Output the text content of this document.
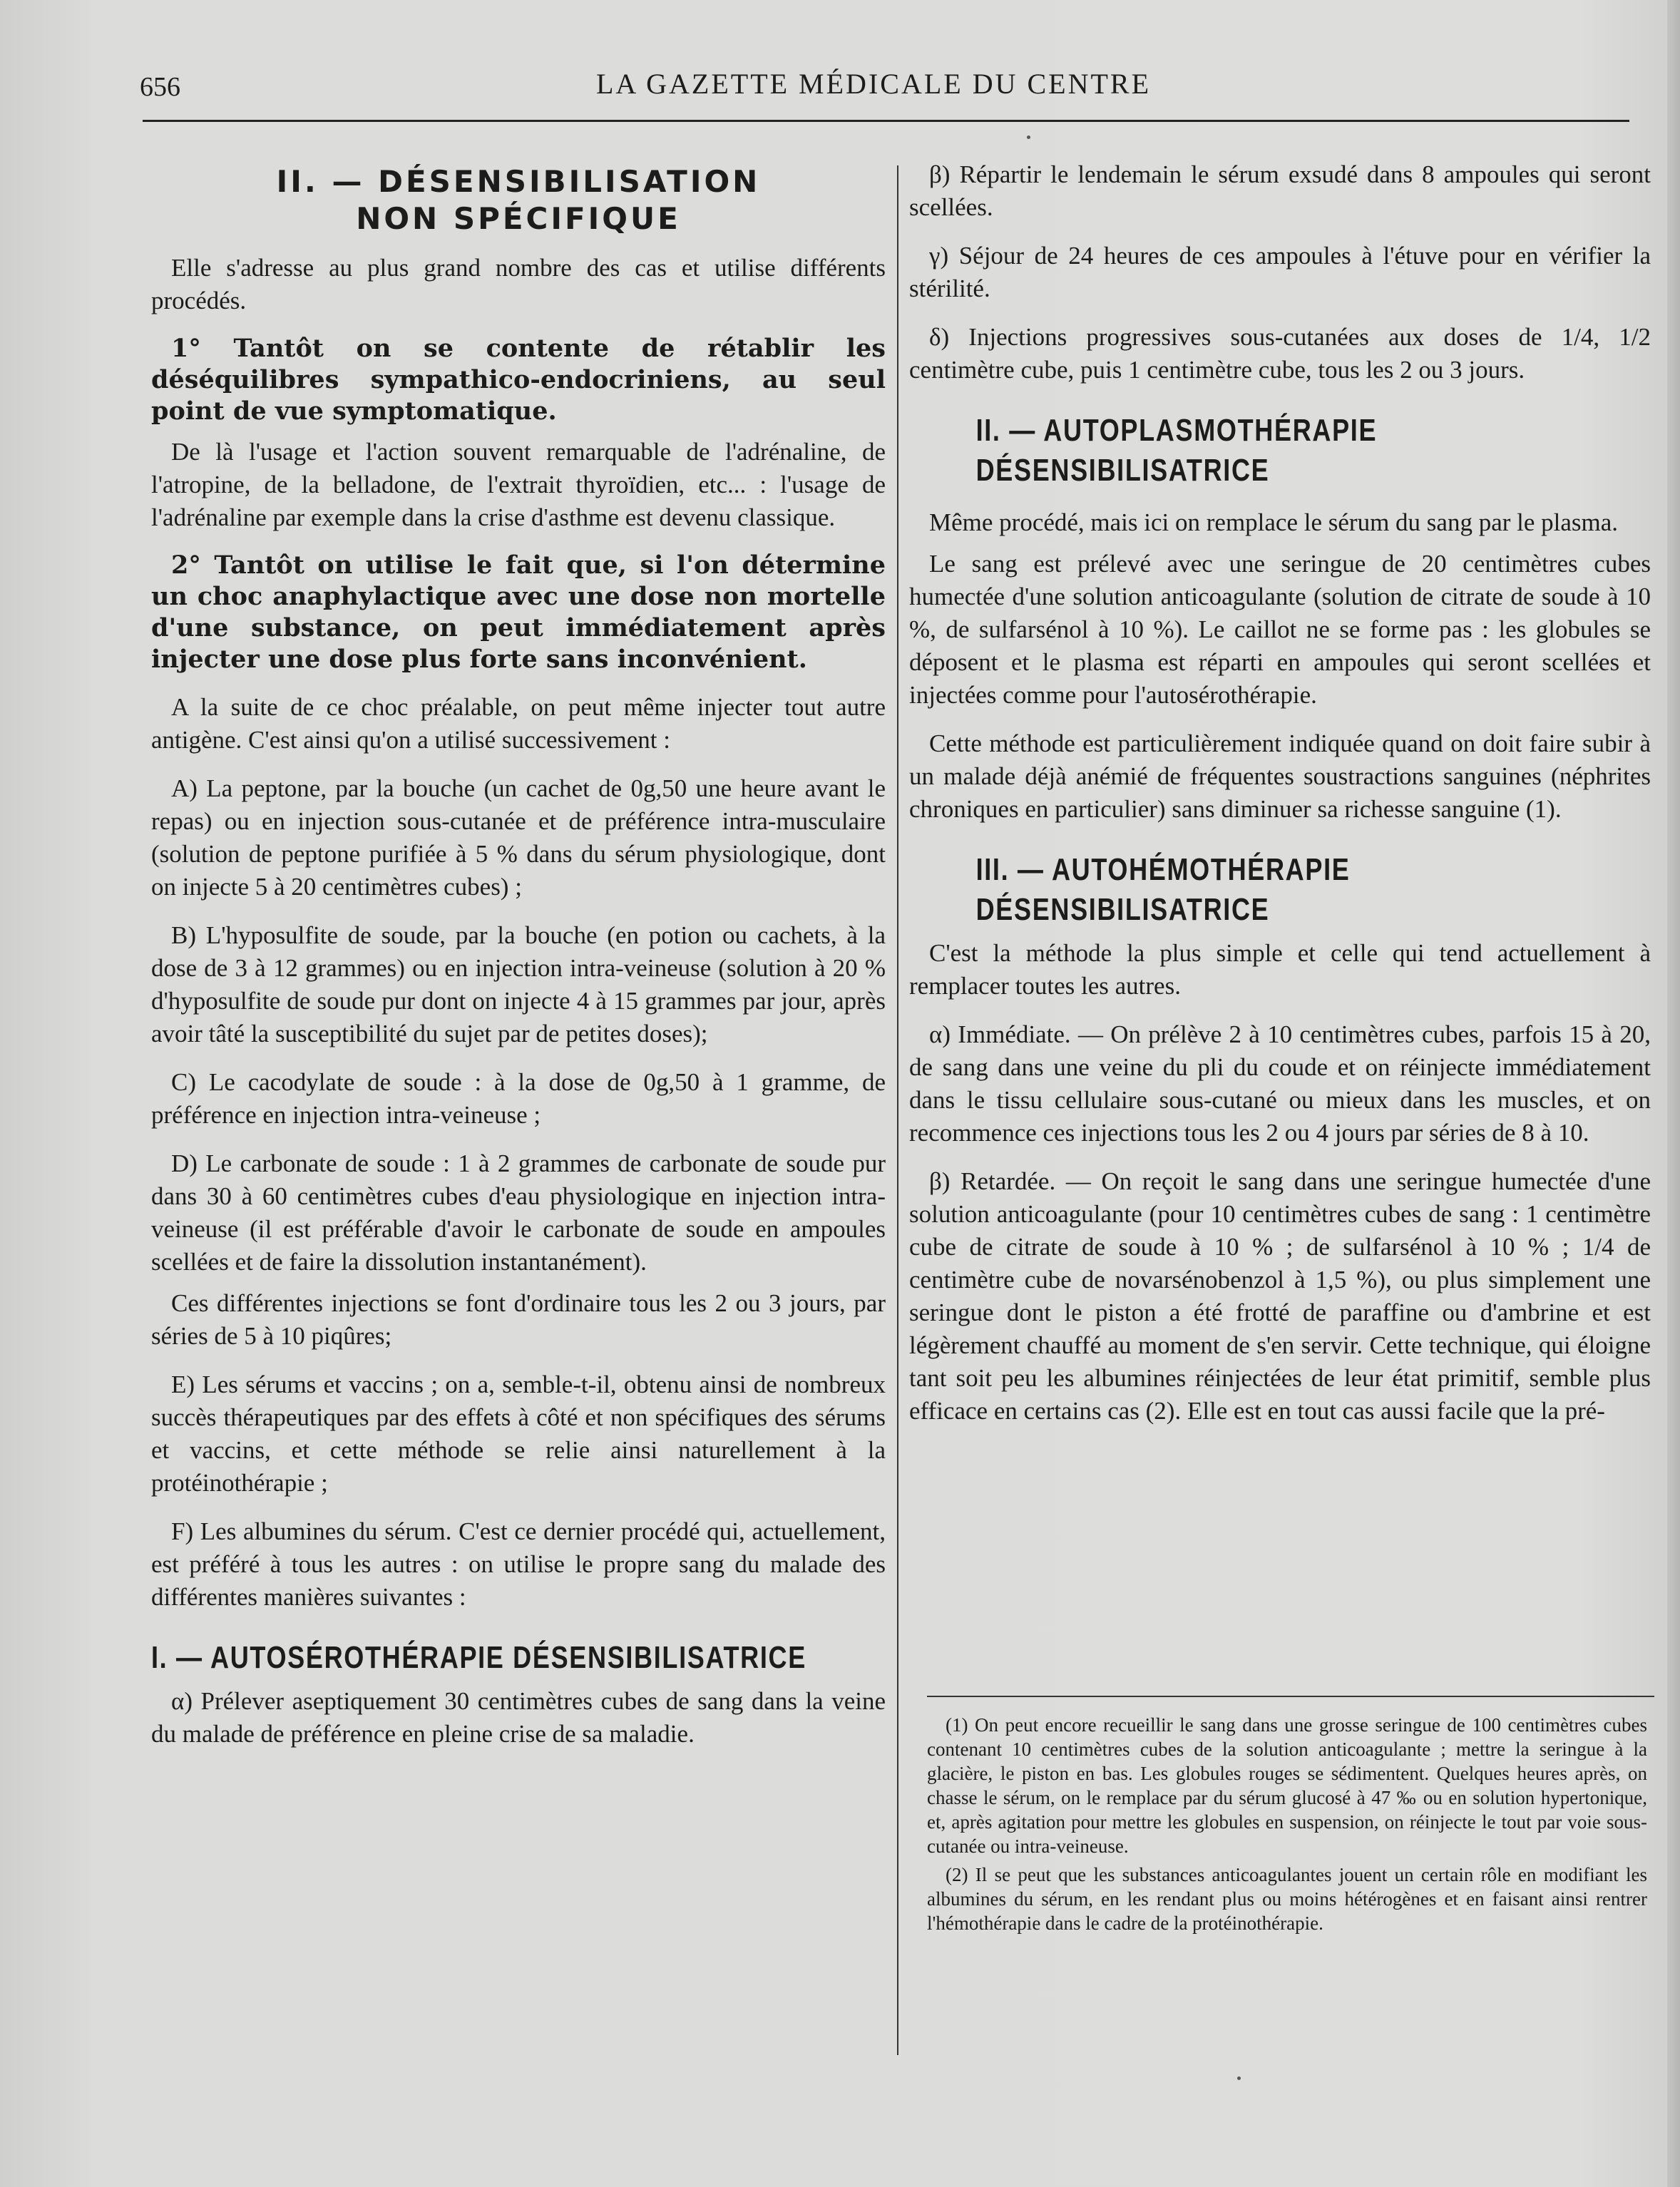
656	LA GAZETTE MÉDICALE DU CENTRE
II. — DÉSENSIBILISATION
NON SPÉCIFIQUE

Elle s'adresse au plus grand nombre des cas et utilise différents procédés.

1° Tantôt on se contente de rétablir les déséquilibres sympathico-endocriniens, au seul point de vue symptomatique.

De là l'usage et l'action souvent remarquable de l'adrénaline, de l'atropine, de la belladone, de l'extrait thyroïdien, etc... : l'usage de l'adrénaline par exemple dans la crise d'asthme est devenu classique.

2° Tantôt on utilise le fait que, si l'on détermine un choc anaphylactique avec une dose non mortelle d'une substance, on peut immédiatement après injecter une dose plus forte sans inconvénient.

A la suite de ce choc préalable, on peut même injecter tout autre antigène. C'est ainsi qu'on a utilisé successivement :

A) La peptone, par la bouche (un cachet de 0g,50 une heure avant le repas) ou en injection sous-cutanée et de préférence intra-musculaire (solution de peptone purifiée à 5 % dans du sérum physiologique, dont on injecte 5 à 20 centimètres cubes) ;

B) L'hyposulfite de soude, par la bouche (en potion ou cachets, à la dose de 3 à 12 grammes) ou en injection intra-veineuse (solution à 20 % d'hyposulfite de soude pur dont on injecte 4 à 15 grammes par jour, après avoir tâté la susceptibilité du sujet par de petites doses);

C) Le cacodylate de soude : à la dose de 0g,50 à 1 gramme, de préférence en injection intra-veineuse ;

D) Le carbonate de soude : 1 à 2 grammes de carbonate de soude pur dans 30 à 60 centimètres cubes d'eau physiologique en injection intra-veineuse (il est préférable d'avoir le carbonate de soude en ampoules scellées et de faire la dissolution instantanément).

Ces différentes injections se font d'ordinaire tous les 2 ou 3 jours, par séries de 5 à 10 piqûres;

E) Les sérums et vaccins ; on a, semble-t-il, obtenu ainsi de nombreux succès thérapeutiques par des effets à côté et non spécifiques des sérums et vaccins, et cette méthode se relie ainsi naturellement à la protéinothérapie ;

F) Les albumines du sérum. C'est ce dernier procédé qui, actuellement, est préféré à tous les autres : on utilise le propre sang du malade des différentes manières suivantes :

I. — AUTOSÉROTHÉRAPIE DÉSENSIBILISATRICE

α) Prélever aseptiquement 30 centimètres cubes de sang dans la veine du malade de préférence en pleine crise de sa maladie.

β) Répartir le lendemain le sérum exsudé dans 8 ampoules qui seront scellées.

γ) Séjour de 24 heures de ces ampoules à l'étuve pour en vérifier la stérilité.

δ) Injections progressives sous-cutanées aux doses de 1/4, 1/2 centimètre cube, puis 1 centimètre cube, tous les 2 ou 3 jours.

II. — AUTOPLASMOTHÉRAPIE
DÉSENSIBILISATRICE

Même procédé, mais ici on remplace le sérum du sang par le plasma.

Le sang est prélevé avec une seringue de 20 centimètres cubes humectée d'une solution anticoagulante (solution de citrate de soude à 10 %, de sulfarsénol à 10 %). Le caillot ne se forme pas : les globules se déposent et le plasma est réparti en ampoules qui seront scellées et injectées comme pour l'autosérothérapie.

Cette méthode est particulièrement indiquée quand on doit faire subir à un malade déjà anémié de fréquentes soustractions sanguines (néphrites chroniques en particulier) sans diminuer sa richesse sanguine (1).

III. — AUTOHÉMOTHÉRAPIE
DÉSENSIBILISATRICE

C'est la méthode la plus simple et celle qui tend actuellement à remplacer toutes les autres.

α) Immédiate. — On prélève 2 à 10 centimètres cubes, parfois 15 à 20, de sang dans une veine du pli du coude et on réinjecte immédiatement dans le tissu cellulaire sous-cutané ou mieux dans les muscles, et on recommence ces injections tous les 2 ou 4 jours par séries de 8 à 10.

β) Retardée. — On reçoit le sang dans une seringue humectée d'une solution anticoagulante (pour 10 centimètres cubes de sang : 1 centimètre cube de citrate de soude à 10 % ; de sulfarsénol à 10 % ; 1/4 de centimètre cube de novarsénobenzol à 1,5 %), ou plus simplement une seringue dont le piston a été frotté de paraffine ou d'ambrine et est légèrement chauffé au moment de s'en servir. Cette technique, qui éloigne tant soit peu les albumines réinjectées de leur état primitif, semble plus efficace en certains cas (2). Elle est en tout cas aussi facile que la pré-

(1) On peut encore recueillir le sang dans une grosse seringue de 100 centimètres cubes contenant 10 centimètres cubes de la solution anticoagulante ; mettre la seringue à la glacière, le piston en bas. Les globules rouges se sédimentent. Quelques heures après, on chasse le sérum, on le remplace par du sérum glucosé à 47 ‰ ou en solution hypertonique, et, après agitation pour mettre les globules en suspension, on réinjecte le tout par voie sous-cutanée ou intra-veineuse.

(2) Il se peut que les substances anticoagulantes jouent un certain rôle en modifiant les albumines du sérum, en les rendant plus ou moins hétérogènes et en faisant ainsi rentrer l'hémothérapie dans le cadre de la protéinothérapie.
